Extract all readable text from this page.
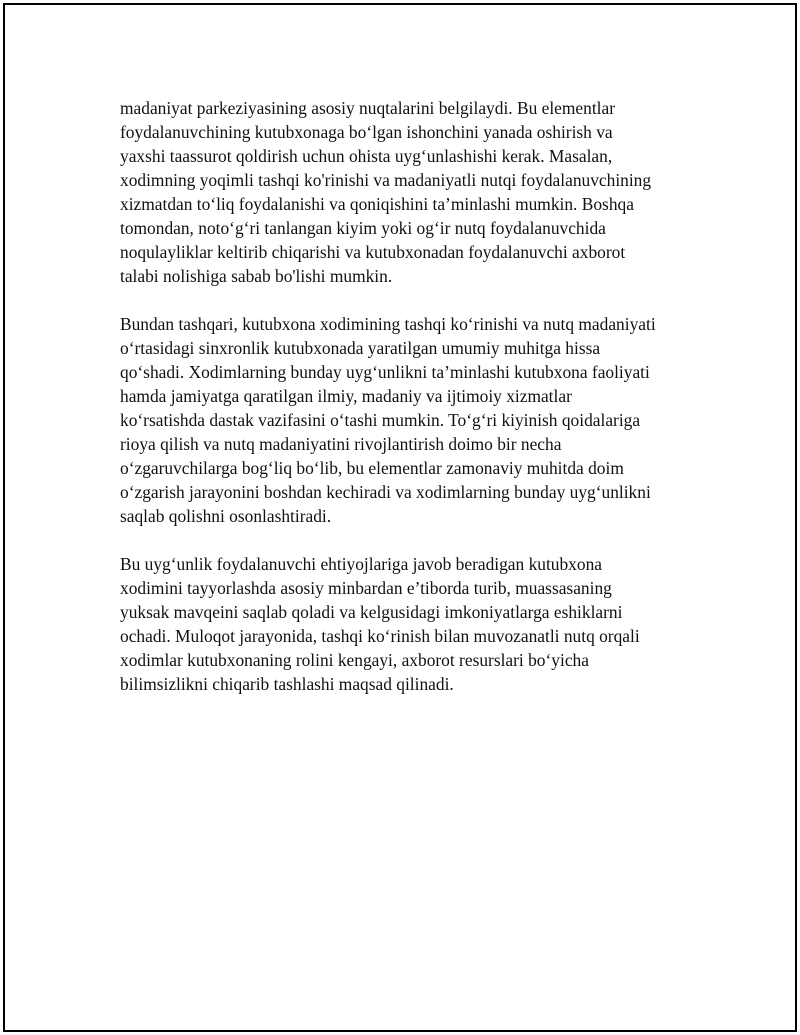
madaniyat parkeziyasining asosiy nuqtalarini belgilaydi. Bu elementlar
foydalanuvchining kutubxonaga bo‘lgan ishonchini yanada oshirish va
yaxshi taassurot qoldirish uchun ohista uyg‘unlashishi kerak. Masalan,
xodimning yoqimli tashqi ko'rinishi va madaniyatli nutqi foydalanuvchining
xizmatdan to‘liq foydalanishi va qoniqishini ta’minlashi mumkin. Boshqa
tomondan, noto‘g‘ri tanlangan kiyim yoki og‘ir nutq foydalanuvchida
noqulayliklar keltirib chiqarishi va kutubxonadan foydalanuvchi axborot
talabi nolishiga sabab bo'lishi mumkin.

Bundan tashqari, kutubxona xodimining tashqi ko‘rinishi va nutq madaniyati
o‘rtasidagi sinxronlik kutubxonada yaratilgan umumiy muhitga hissa
qo‘shadi. Xodimlarning bunday uyg‘unlikni ta’minlashi kutubxona faoliyati
hamda jamiyatga qaratilgan ilmiy, madaniy va ijtimoiy xizmatlar
ko‘rsatishda dastak vazifasini o‘tashi mumkin. To‘g‘ri kiyinish qoidalariga
rioya qilish va nutq madaniyatini rivojlantirish doimo bir necha
o‘zgaruvchilarga bog‘liq bo‘lib, bu elementlar zamonaviy muhitda doim
o‘zgarish jarayonini boshdan kechiradi va xodimlarning bunday uyg‘unlikni
saqlab qolishni osonlashtiradi.

Bu uyg‘unlik foydalanuvchi ehtiyojlariga javob beradigan kutubxona
xodimini tayyorlashda asosiy minbardan e’tiborda turib, muassasaning
yuksak mavqeini saqlab qoladi va kelgusidagi imkoniyatlarga eshiklarni
ochadi. Muloqot jarayonida, tashqi ko‘rinish bilan muvozanatli nutq orqali
xodimlar kutubxonaning rolini kengayi, axborot resurslari bo‘yicha
bilimsizlikni chiqarib tashlashi maqsad qilinadi.
